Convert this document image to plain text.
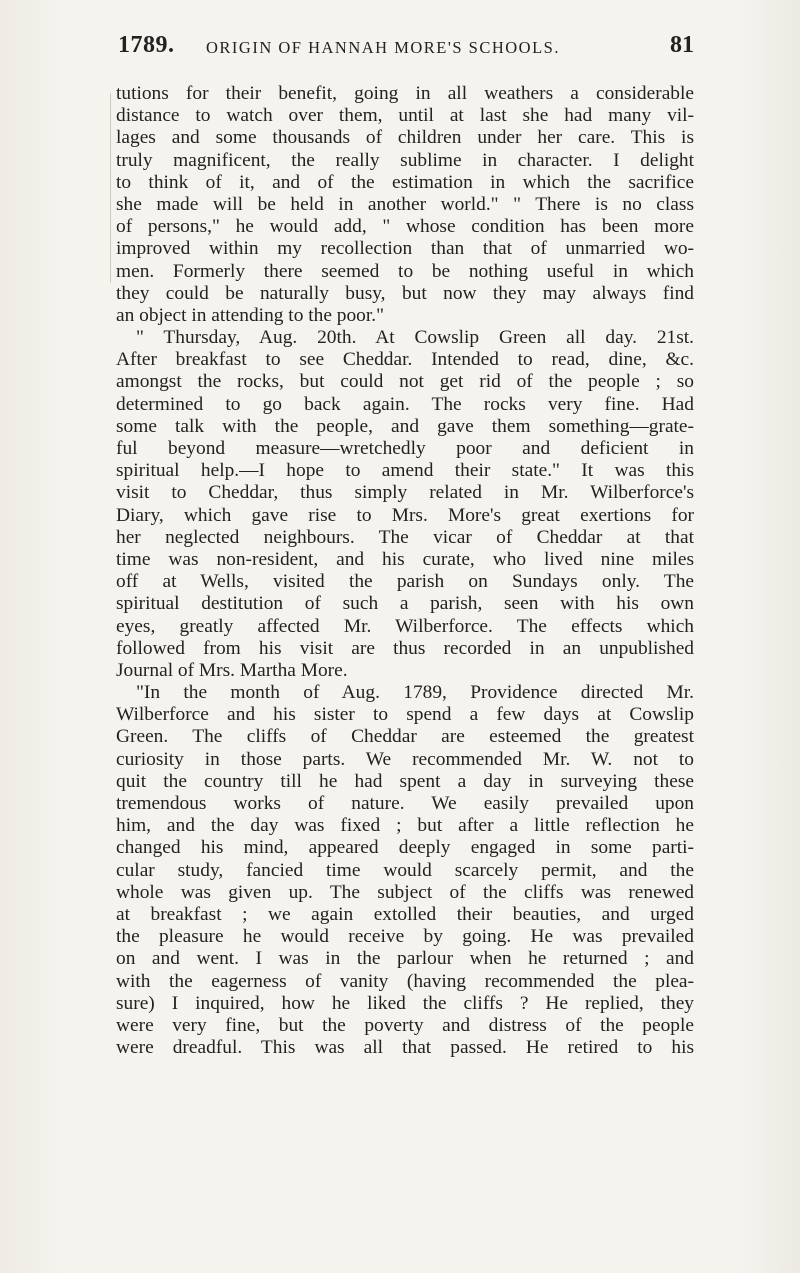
1789. ORIGIN OF HANNAH MORE'S SCHOOLS.	81
tutions for their benefit, going in all weathers a considerable
distance to watch over them, until at last she had many vil-
lages and some thousands of children under her care. This is
truly magnificent, the really sublime in character. I delight
to think of it, and of the estimation in which the sacrifice
she made will be held in another world." " There is no class
of persons," he would add, " whose condition has been more
improved within my recollection than that of unmarried wo-
men. Formerly there seemed to be nothing useful in which
they could be naturally busy, but now they may always find
an object in attending to the poor."
" Thursday, Aug. 20th. At Cowslip Green all day. 21st.
After breakfast to see Cheddar. Intended to read, dine, &c.
amongst the rocks, but could not get rid of the people ; so
determined to go back again. The rocks very fine. Had
some talk with the people, and gave them something—grate-
ful beyond measure—wretchedly poor and deficient in
spiritual help.—I hope to amend their state." It was this
visit to Cheddar, thus simply related in Mr. Wilberforce's
Diary, which gave rise to Mrs. More's great exertions for
her neglected neighbours. The vicar of Cheddar at that
time was non-resident, and his curate, who lived nine miles
off at Wells, visited the parish on Sundays only. The
spiritual destitution of such a parish, seen with his own
eyes, greatly affected Mr. Wilberforce. The effects which
followed from his visit are thus recorded in an unpublished
Journal of Mrs. Martha More.
"In the month of Aug. 1789, Providence directed Mr.
Wilberforce and his sister to spend a few days at Cowslip
Green. The cliffs of Cheddar are esteemed the greatest
curiosity in those parts. We recommended Mr. W. not to
quit the country till he had spent a day in surveying these
tremendous works of nature. We easily prevailed upon
him, and the day was fixed ; but after a little reflection he
changed his mind, appeared deeply engaged in some parti-
cular study, fancied time would scarcely permit, and the
whole was given up. The subject of the cliffs was renewed
at breakfast ; we again extolled their beauties, and urged
the pleasure he would receive by going. He was prevailed
on and went. I was in the parlour when he returned ; and
with the eagerness of vanity (having recommended the plea-
sure) I inquired, how he liked the cliffs ? He replied, they
were very fine, but the poverty and distress of the people
were dreadful. This was all that passed. He retired to his
